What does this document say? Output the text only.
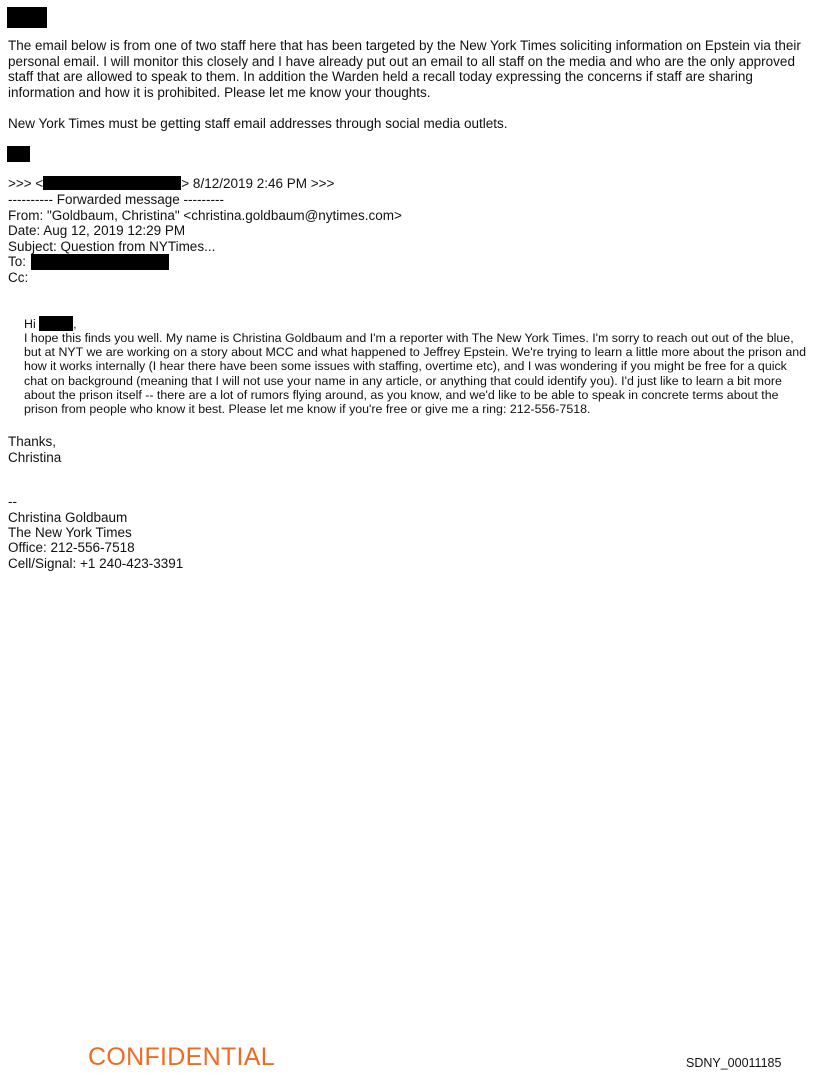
The email below is from one of two staff here that has been targeted by the New York Times soliciting information on Epstein via their personal email. I will monitor this closely and I have already put out an email to all staff on the media and who are the only approved staff that are allowed to speak to them. In addition the Warden held a recall today expressing the concerns if staff are sharing information and how it is prohibited. Please let me know your thoughts.

New York Times must be getting staff email addresses through social media outlets.

>>> <	> 8/12/2019 2:46 PM >>>
---------- Forwarded message ---------
From: "Goldbaum, Christina" <christina.goldbaum@nytimes.com>
Date: Aug 12, 2019 12:29 PM
Subject: Question from NYTimes...
To:
Cc:
Hi	,

I hope this finds you well. My name is Christina Goldbaum and I'm a reporter with The New York Times. I'm sorry to reach out out of the blue, but at NYT we are working on a story about MCC and what happened to Jeffrey Epstein. We're trying to learn a little more about the prison and how it works internally (I hear there have been some issues with staffing, overtime etc), and I was wondering if you might be free for a quick chat on background (meaning that I will not use your name in any article, or anything that could identify you). I'd just like to learn a bit more about the prison itself -- there are a lot of rumors flying around, as you know, and we'd like to be able to speak in concrete terms about the prison from people who know it best. Please let me know if you're free or give me a ring: 212-556-7518.

Thanks,
Christina
--
Christina Goldbaum
The New York Times
Office: 212-556-7518
Cell/Signal: +1 240-423-3391
CONFIDENTIAL	SDNY_00011185
